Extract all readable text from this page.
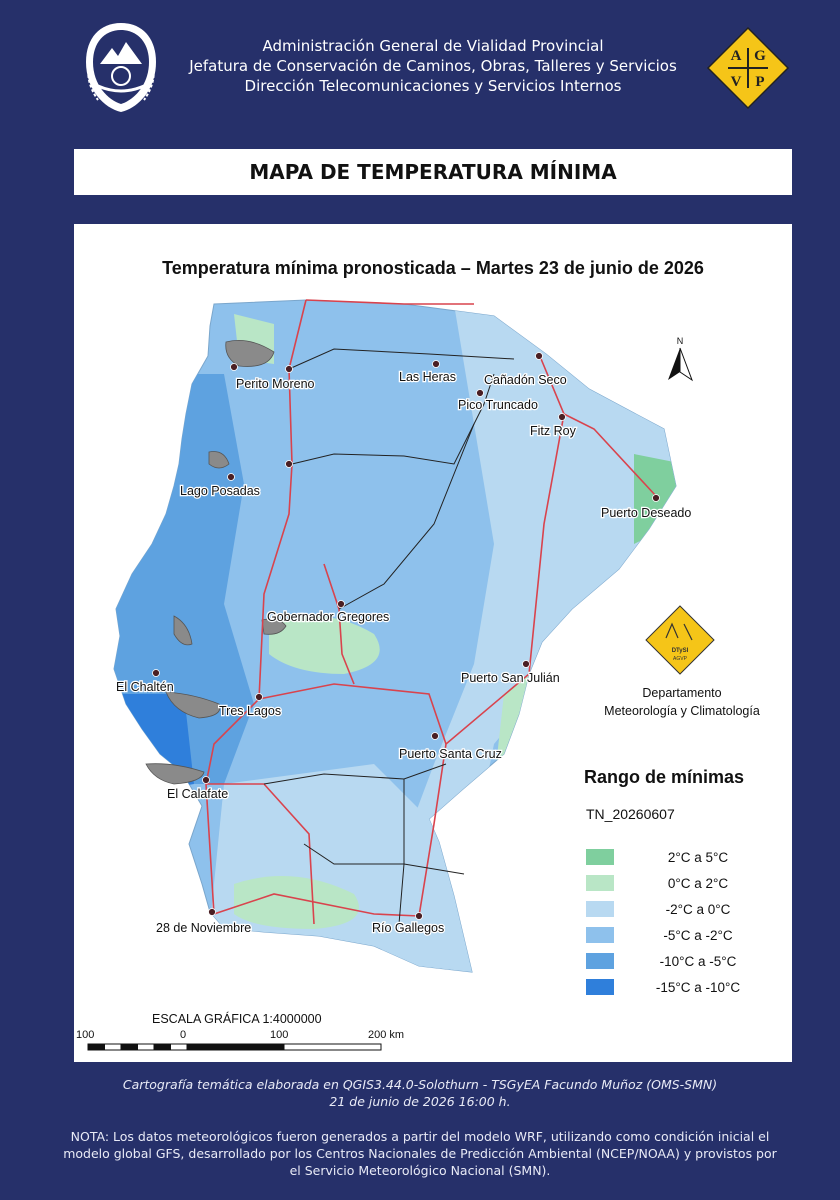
Administración General de Vialidad Provincial
Jefatura de Conservación de Caminos, Obras, Talleres y Servicios
Dirección Telecomunicaciones y Servicios Internos
A G
V P
MAPA DE TEMPERATURA MÍNIMA
Temperatura mínima pronosticada – Martes 23 de junio de 2026
Perito Moreno	Las Heras Cañadón Seco
Pico Truncado
Fitz Roy
Lago Posadas
Puerto Deseado
Gobernador Gregores
Puerto San Julián
El Chaltén
Tres Lagos
Puerto Santa Cruz
El Calafate
28 de Noviembre	Río Gallegos
N
DTySI
AGVP
Departamento
Meteorología y Climatología
Rango de mínimas
TN_20260607
2°C a 5°C
0°C a 2°C
-2°C a 0°C
-5°C a -2°C
-10°C a -5°C
-15°C a -10°C
ESCALA GRÁFICA 1:4000000
100	0	100	200 km
Cartografía temática elaborada en QGIS3.44.0-Solothurn - TSGyEA Facundo Muñoz (OMS-SMN)
21 de junio de 2026 16:00 h.
NOTA: Los datos meteorológicos fueron generados a partir del modelo WRF, utilizando como condición inicial el modelo global GFS, desarrollado por los Centros Nacionales de Predicción Ambiental (NCEP/NOAA) y provistos por el Servicio Meteorológico Nacional (SMN).
